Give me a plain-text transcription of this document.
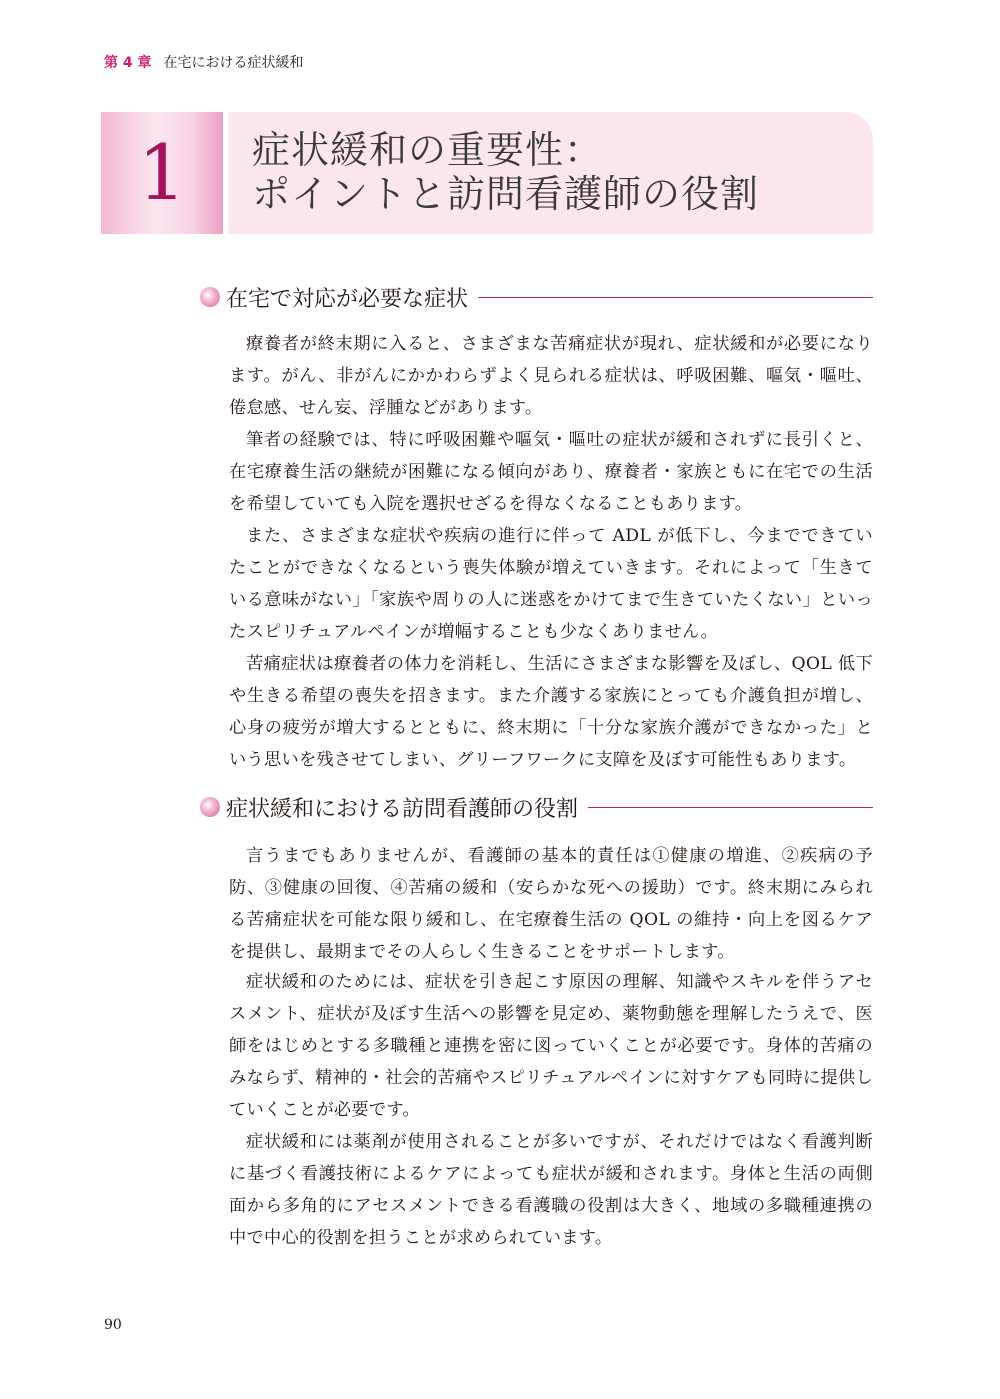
第 4 章 在宅における症状緩和
1 症状緩和の重要性：
ポイントと訪問看護師の役割
在宅で対応が必要な症状

療養者が終末期に入ると、さまざまな苦痛症状が現れ、症状緩和が必要になります。がん、非がんにかかわらずよく見られる症状は、呼吸困難、嘔気・嘔吐、倦怠感、せん妄、浮腫などがあります。

筆者の経験では、特に呼吸困難や嘔気・嘔吐の症状が緩和されずに長引くと、在宅療養生活の継続が困難になる傾向があり、療養者・家族ともに在宅での生活を希望していても入院を選択せざるを得なくなることもあります。

また、さまざまな症状や疾病の進行に伴って ADL が低下し、今までできていたことができなくなるという喪失体験が増えていきます。それによって「生きている意味がない」「家族や周りの人に迷惑をかけてまで生きていたくない」といったスピリチュアルペインが増幅することも少なくありません。

苦痛症状は療養者の体力を消耗し、生活にさまざまな影響を及ぼし、QOL 低下や生きる希望の喪失を招きます。また介護する家族にとっても介護負担が増し、心身の疲労が増大するとともに、終末期に「十分な家族介護ができなかった」という思いを残させてしまい、グリーフワークに支障を及ぼす可能性もあります。

症状緩和における訪問看護師の役割

言うまでもありませんが、看護師の基本的責任は①健康の増進、②疾病の予防、③健康の回復、④苦痛の緩和（安らかな死への援助）です。終末期にみられる苦痛症状を可能な限り緩和し、在宅療養生活の QOL の維持・向上を図るケアを提供し、最期までその人らしく生きることをサポートします。

症状緩和のためには、症状を引き起こす原因の理解、知識やスキルを伴うアセスメント、症状が及ぼす生活への影響を見定め、薬物動態を理解したうえで、医師をはじめとする多職種と連携を密に図っていくことが必要です。身体的苦痛のみならず、精神的・社会的苦痛やスピリチュアルペインに対すケアも同時に提供していくことが必要です。

症状緩和には薬剤が使用されることが多いですが、それだけではなく看護判断に基づく看護技術によるケアによっても症状が緩和されます。身体と生活の両側面から多角的にアセスメントできる看護職の役割は大きく、地域の多職種連携の中で中心的役割を担うことが求められています。

90
